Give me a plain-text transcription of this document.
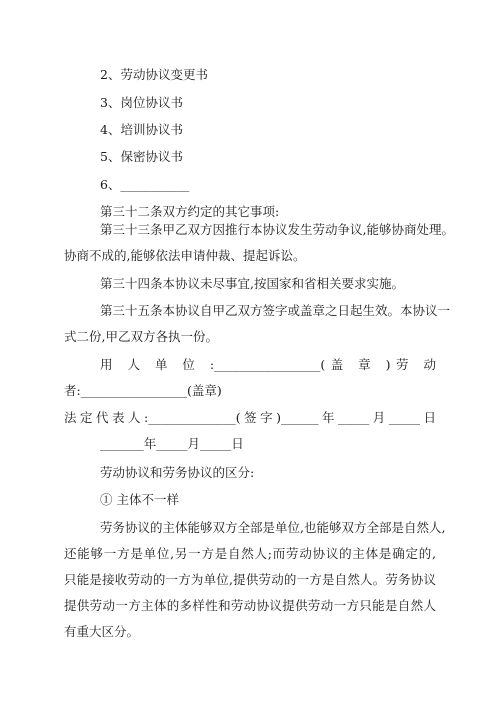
2、劳动协议变更书
3、岗位协议书
4、培训协议书
5、保密协议书
6、___________
第三十二条双方约定的其它事项:
第三十三条甲乙双方因推行本协议发生劳动争议,能够协商处理。
协商不成的,能够依法申请仲裁、提起诉讼。
第三十四条本协议未尽事宜,按国家和省相关要求实施。
第三十五条本协议自甲乙双方签字或盖章之日起生效。本协议一
式二份,甲乙双方各执一份。
用 人 单 位 :_________________(盖 章 )劳 动
者:_________________(盖章)
法定代表人:______________(签字)______年_____月_____日
_______年_____月_____日
劳动协议和劳务协议的区分:
① 主体不一样
劳务协议的主体能够双方全部是单位,也能够双方全部是自然人,
还能够一方是单位,另一方是自然人;而劳动协议的主体是确定的,
只能是接收劳动的一方为单位,提供劳动的一方是自然人。劳务协议
提供劳动一方主体的多样性和劳动协议提供劳动一方只能是自然人
有重大区分。
